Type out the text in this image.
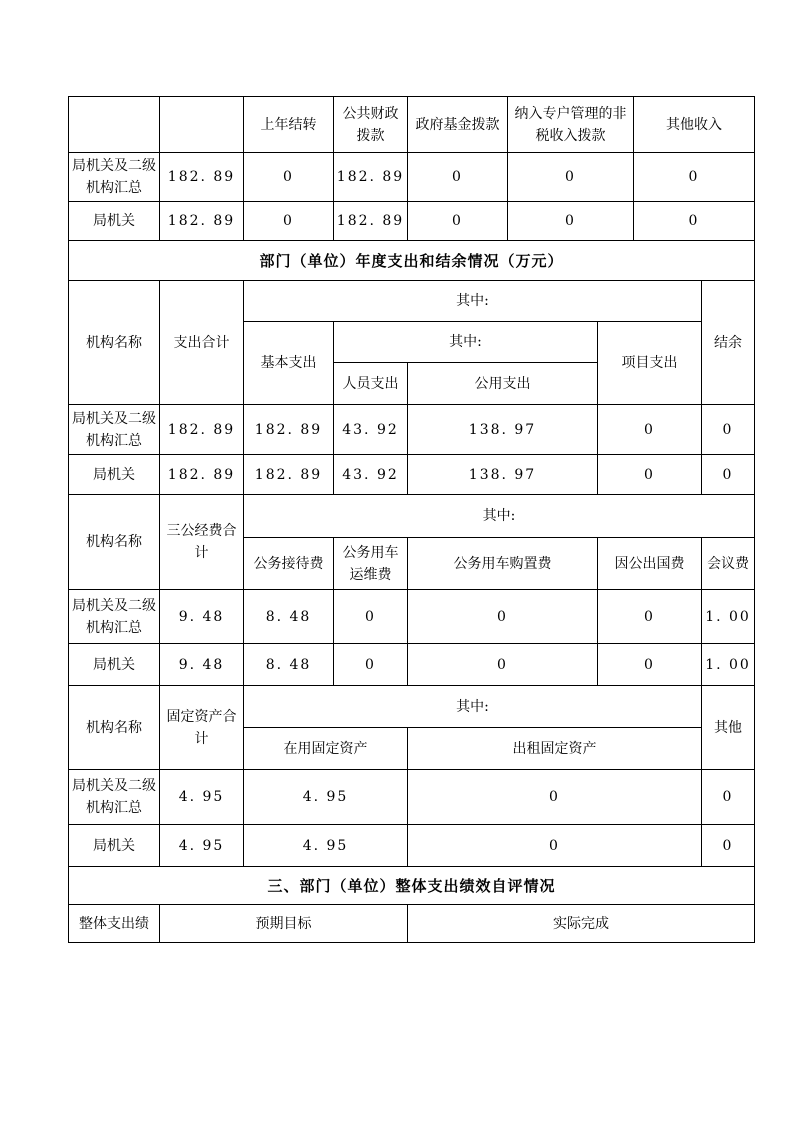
		上年结转	公共财政拨款	政府基金拨款	纳入专户管理的非税收入拨款		其他收入	
局机关及二级机构汇总	182. 89	0	182. 89	0	0		0	
局机关	182. 89	0	182. 89	0	0		0	
部门（单位）年度支出和结余情况（万元）								
机构名称	支出合计	其中:						结余
		基本支出	其中:			项目支出		
			人员支出	公用支出				
局机关及二级机构汇总	182. 89	182. 89	43. 92	138. 97		0		0
局机关	182. 89	182. 89	43. 92	138. 97		0		0
机构名称	三公经费合计	其中:						
		公务接待费	公务用车运维费	公务用车购置费		因公出国费		会议费
局机关及二级机构汇总	9. 48	8. 48	0	0		0		1. 00
局机关	9. 48	8. 48	0	0		0		1. 00
机构名称	固定资产合计	其中:						其他
		在用固定资产		出租固定资产				
局机关及二级机构汇总	4. 95	4. 95		0				0
局机关	4. 95	4. 95		0				0
三、部门（单位）整体支出绩效自评情况								
整体支出绩	预期目标			实际完成				
